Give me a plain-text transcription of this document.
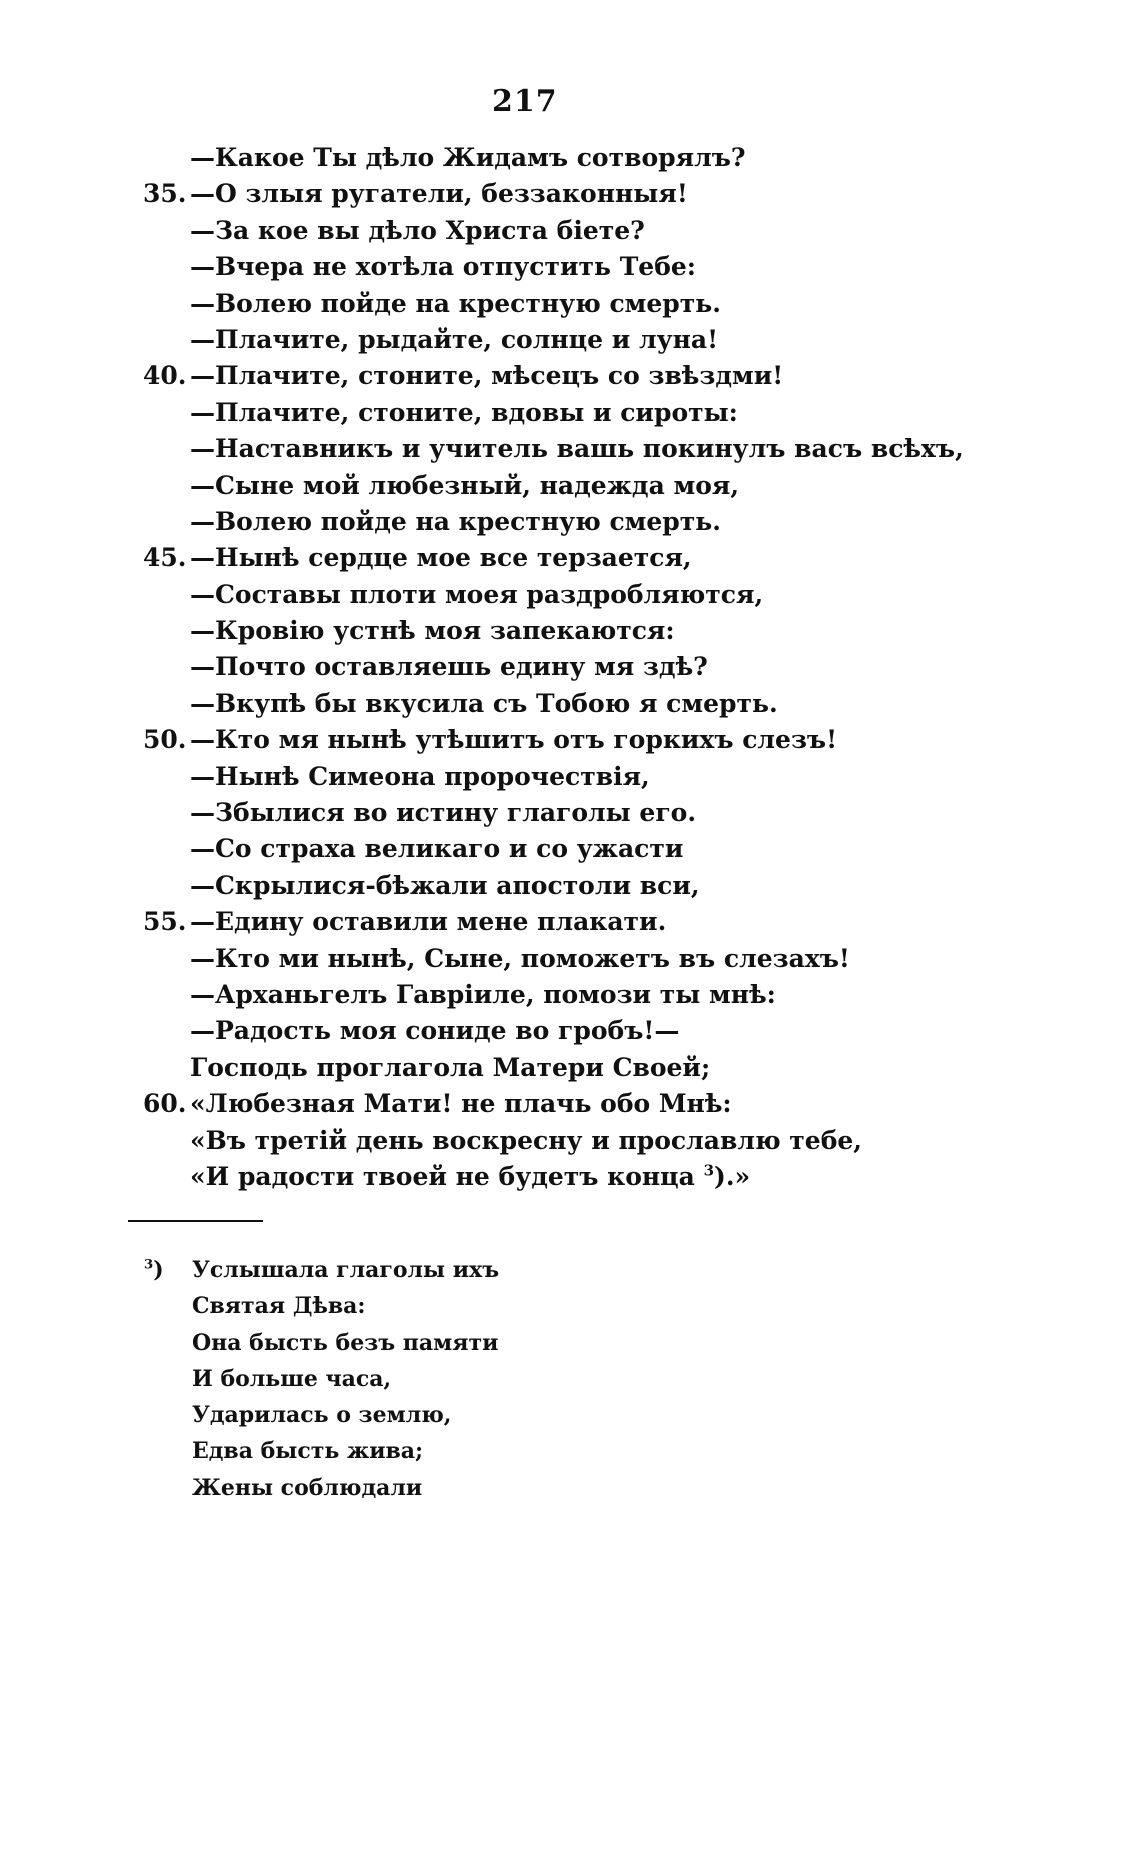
217
—Какое Ты дѣло Жидамъ сотворялъ?
35. —О злыя ругатели, беззаконныя!
—За кое вы дѣло Христа біете?
—Вчера не хотѣла отпустить Тебе:
—Волею пойде на крестную смерть.
—Плачите, рыдайте, солнце и луна!
40. —Плачите, стоните, мѣсецъ со звѣздми!
—Плачите, стоните, вдовы и сироты:
—Наставникъ и учитель вашь покинулъ васъ всѣхъ,
—Сыне мой любезный, надежда моя,
—Волею пойде на крестную смерть.
45. —Нынѣ сердце мое все терзается,
—Составы плоти моея раздробляются,
—Кровію устнѣ моя запекаются:
—Почто оставляешь едину мя здѣ?
—Вкупѣ бы вкусила съ Тобою я смерть.
50. —Кто мя нынѣ утѣшитъ отъ горкихъ слезъ!
—Нынѣ Симеона пророчествія,
—Збылися во истину глаголы его.
—Со страха великаго и со ужасти
—Скрылися-бѣжали апостоли вси,
55. —Едину оставили мене плакати.
—Кто ми нынѣ, Сыне, поможетъ въ слезахъ!
—Арханьгелъ Гавріиле, помози ты мнѣ:
—Радость моя сониде во гробъ!—
Господь проглагола Матери Своей;
60. «Любезная Мати! не плачь обо Мнѣ:
«Въ третій день воскресну и прославлю тебе,
«И радости твоей не будетъ конца $^3$).»
$^3$) Услышала глаголы ихъ
Святая Дѣва:
Она бысть безъ памяти
И больше часа,
Ударилась о землю,
Едва бысть жива;
Жены соблюдали
